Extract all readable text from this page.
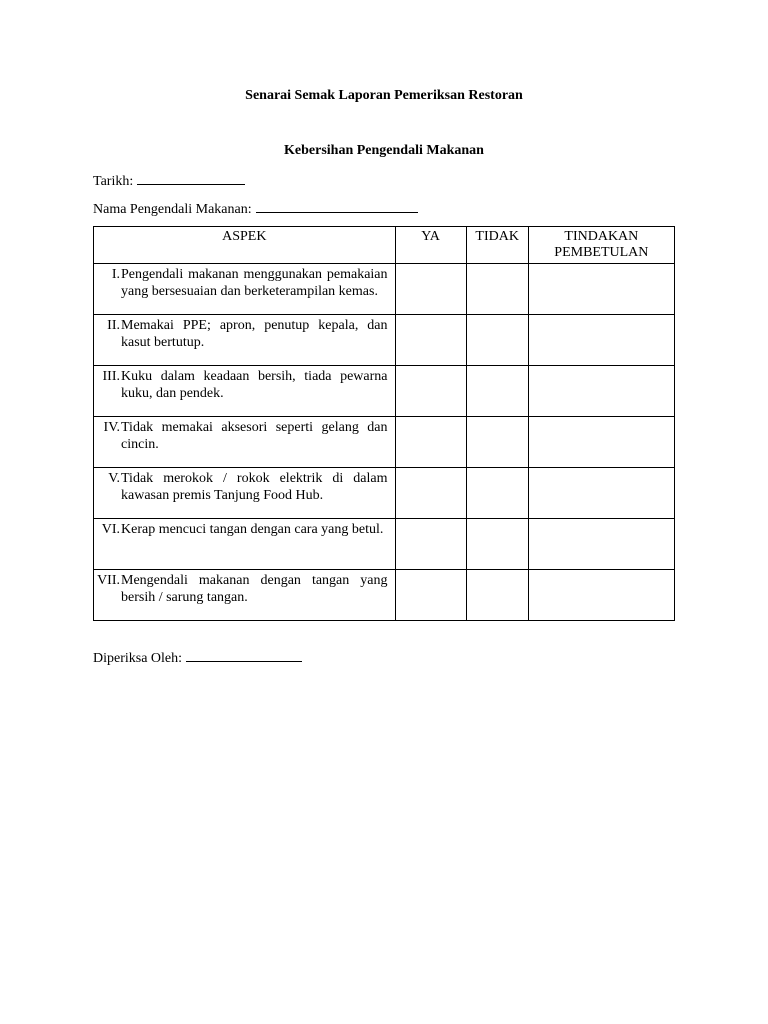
Senarai Semak Laporan Pemeriksan Restoran
Kebersihan Pengendali Makanan
Tarikh:
Nama Pengendali Makanan:
ASPEK	YA	TIDAK	TINDAKAN PEMBETULAN

I. Pengendali makanan menggunakan pemakaian yang bersesuaian dan berketerampilan kemas.			

II. Memakai PPE; apron, penutup kepala, dan kasut bertutup.			

III. Kuku dalam keadaan bersih, tiada pewarna kuku, dan pendek.			

IV. Tidak memakai aksesori seperti gelang dan cincin.			

V. Tidak merokok / rokok elektrik di dalam kawasan premis Tanjung Food Hub.			

VI. Kerap mencuci tangan dengan cara yang betul.			

VII. Mengendali makanan dengan tangan yang bersih / sarung tangan.			

Diperiksa Oleh:
